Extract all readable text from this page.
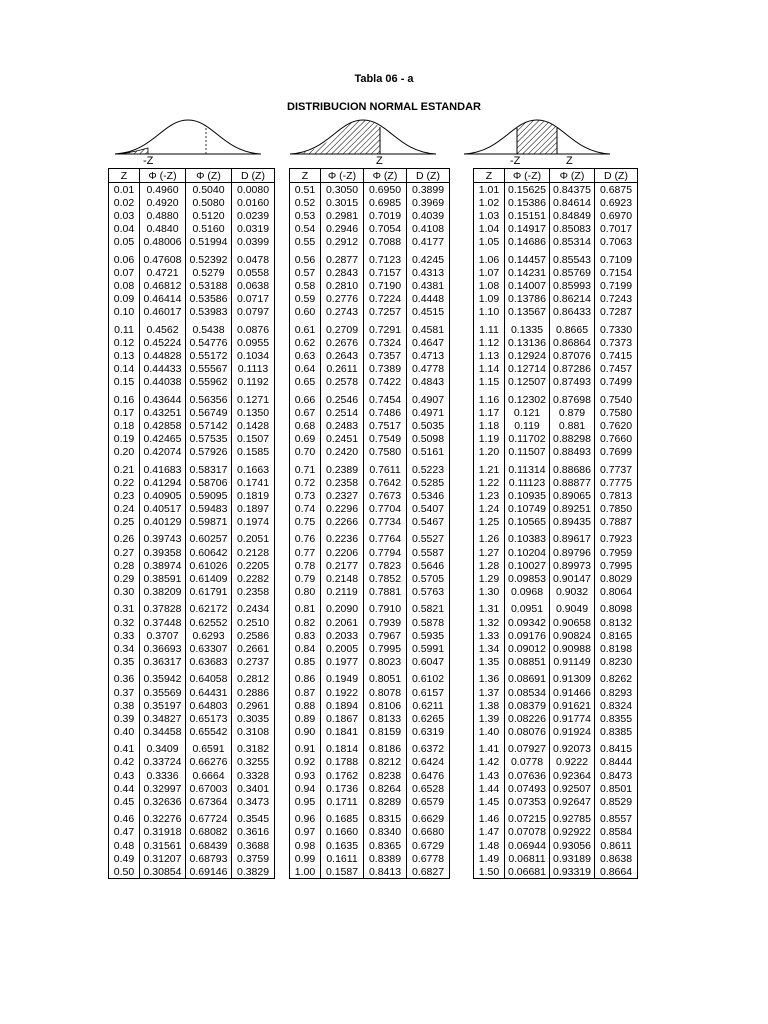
Tabla 06 - a
DISTRIBUCION NORMAL ESTANDAR
-Z	Z	-Z	Z
Z	Φ (-Z)	Φ (Z)	D (Z)
0.01	0.4960	0.5040	0.0080
0.02	0.4920	0.5080	0.0160
0.03	0.4880	0.5120	0.0239
0.04	0.4840	0.5160	0.0319
0.05	0.48006	0.51994	0.0399

0.06	0.47608	0.52392	0.0478
0.07	0.4721	0.5279	0.0558
0.08	0.46812	0.53188	0.0638
0.09	0.46414	0.53586	0.0717
0.10	0.46017	0.53983	0.0797

0.11	0.4562	0.5438	0.0876
0.12	0.45224	0.54776	0.0955
0.13	0.44828	0.55172	0.1034
0.14	0.44433	0.55567	0.1113
0.15	0.44038	0.55962	0.1192

0.16	0.43644	0.56356	0.1271
0.17	0.43251	0.56749	0.1350
0.18	0.42858	0.57142	0.1428
0.19	0.42465	0.57535	0.1507
0.20	0.42074	0.57926	0.1585

0.21	0.41683	0.58317	0.1663
0.22	0.41294	0.58706	0.1741
0.23	0.40905	0.59095	0.1819
0.24	0.40517	0.59483	0.1897
0.25	0.40129	0.59871	0.1974

0.26	0.39743	0.60257	0.2051
0.27	0.39358	0.60642	0.2128
0.28	0.38974	0.61026	0.2205
0.29	0.38591	0.61409	0.2282
0.30	0.38209	0.61791	0.2358

0.31	0.37828	0.62172	0.2434
0.32	0.37448	0.62552	0.2510
0.33	0.3707	0.6293	0.2586
0.34	0.36693	0.63307	0.2661
0.35	0.36317	0.63683	0.2737

0.36	0.35942	0.64058	0.2812
0.37	0.35569	0.64431	0.2886
0.38	0.35197	0.64803	0.2961
0.39	0.34827	0.65173	0.3035
0.40	0.34458	0.65542	0.3108

0.41	0.3409	0.6591	0.3182
0.42	0.33724	0.66276	0.3255
0.43	0.3336	0.6664	0.3328
0.44	0.32997	0.67003	0.3401
0.45	0.32636	0.67364	0.3473

0.46	0.32276	0.67724	0.3545
0.47	0.31918	0.68082	0.3616
0.48	0.31561	0.68439	0.3688
0.49	0.31207	0.68793	0.3759
0.50	0.30854	0.69146	0.3829
Z	Φ (-Z)	Φ (Z)	D (Z)
0.51	0.3050	0.6950	0.3899
0.52	0.3015	0.6985	0.3969
0.53	0.2981	0.7019	0.4039
0.54	0.2946	0.7054	0.4108
0.55	0.2912	0.7088	0.4177

0.56	0.2877	0.7123	0.4245
0.57	0.2843	0.7157	0.4313
0.58	0.2810	0.7190	0.4381
0.59	0.2776	0.7224	0.4448
0.60	0.2743	0.7257	0.4515

0.61	0.2709	0.7291	0.4581
0.62	0.2676	0.7324	0.4647
0.63	0.2643	0.7357	0.4713
0.64	0.2611	0.7389	0.4778
0.65	0.2578	0.7422	0.4843

0.66	0.2546	0.7454	0.4907
0.67	0.2514	0.7486	0.4971
0.68	0.2483	0.7517	0.5035
0.69	0.2451	0.7549	0.5098
0.70	0.2420	0.7580	0.5161

0.71	0.2389	0.7611	0.5223
0.72	0.2358	0.7642	0.5285
0.73	0.2327	0.7673	0.5346
0.74	0.2296	0.7704	0.5407
0.75	0.2266	0.7734	0.5467

0.76	0.2236	0.7764	0.5527
0.77	0.2206	0.7794	0.5587
0.78	0.2177	0.7823	0.5646
0.79	0.2148	0.7852	0.5705
0.80	0.2119	0.7881	0.5763

0.81	0.2090	0.7910	0.5821
0.82	0.2061	0.7939	0.5878
0.83	0.2033	0.7967	0.5935
0.84	0.2005	0.7995	0.5991
0.85	0.1977	0.8023	0.6047

0.86	0.1949	0.8051	0.6102
0.87	0.1922	0.8078	0.6157
0.88	0.1894	0.8106	0.6211
0.89	0.1867	0.8133	0.6265
0.90	0.1841	0.8159	0.6319

0.91	0.1814	0.8186	0.6372
0.92	0.1788	0.8212	0.6424
0.93	0.1762	0.8238	0.6476
0.94	0.1736	0.8264	0.6528
0.95	0.1711	0.8289	0.6579

0.96	0.1685	0.8315	0.6629
0.97	0.1660	0.8340	0.6680
0.98	0.1635	0.8365	0.6729
0.99	0.1611	0.8389	0.6778
1.00	0.1587	0.8413	0.6827
Z	Φ (-Z)	Φ (Z)	D (Z)
1.01	0.15625	0.84375	0.6875
1.02	0.15386	0.84614	0.6923
1.03	0.15151	0.84849	0.6970
1.04	0.14917	0.85083	0.7017
1.05	0.14686	0.85314	0.7063

1.06	0.14457	0.85543	0.7109
1.07	0.14231	0.85769	0.7154
1.08	0.14007	0.85993	0.7199
1.09	0.13786	0.86214	0.7243
1.10	0.13567	0.86433	0.7287

1.11	0.1335	0.8665	0.7330
1.12	0.13136	0.86864	0.7373
1.13	0.12924	0.87076	0.7415
1.14	0.12714	0.87286	0.7457
1.15	0.12507	0.87493	0.7499

1.16	0.12302	0.87698	0.7540
1.17	0.121	0.879	0.7580
1.18	0.119	0.881	0.7620
1.19	0.11702	0.88298	0.7660
1.20	0.11507	0.88493	0.7699

1.21	0.11314	0.88686	0.7737
1.22	0.11123	0.88877	0.7775
1.23	0.10935	0.89065	0.7813
1.24	0.10749	0.89251	0.7850
1.25	0.10565	0.89435	0.7887

1.26	0.10383	0.89617	0.7923
1.27	0.10204	0.89796	0.7959
1.28	0.10027	0.89973	0.7995
1.29	0.09853	0.90147	0.8029
1.30	0.0968	0.9032	0.8064

1.31	0.0951	0.9049	0.8098
1.32	0.09342	0.90658	0.8132
1.33	0.09176	0.90824	0.8165
1.34	0.09012	0.90988	0.8198
1.35	0.08851	0.91149	0.8230

1.36	0.08691	0.91309	0.8262
1.37	0.08534	0.91466	0.8293
1.38	0.08379	0.91621	0.8324
1.39	0.08226	0.91774	0.8355
1.40	0.08076	0.91924	0.8385

1.41	0.07927	0.92073	0.8415
1.42	0.0778	0.9222	0.8444
1.43	0.07636	0.92364	0.8473
1.44	0.07493	0.92507	0.8501
1.45	0.07353	0.92647	0.8529

1.46	0.07215	0.92785	0.8557
1.47	0.07078	0.92922	0.8584
1.48	0.06944	0.93056	0.8611
1.49	0.06811	0.93189	0.8638
1.50	0.06681	0.93319	0.8664
